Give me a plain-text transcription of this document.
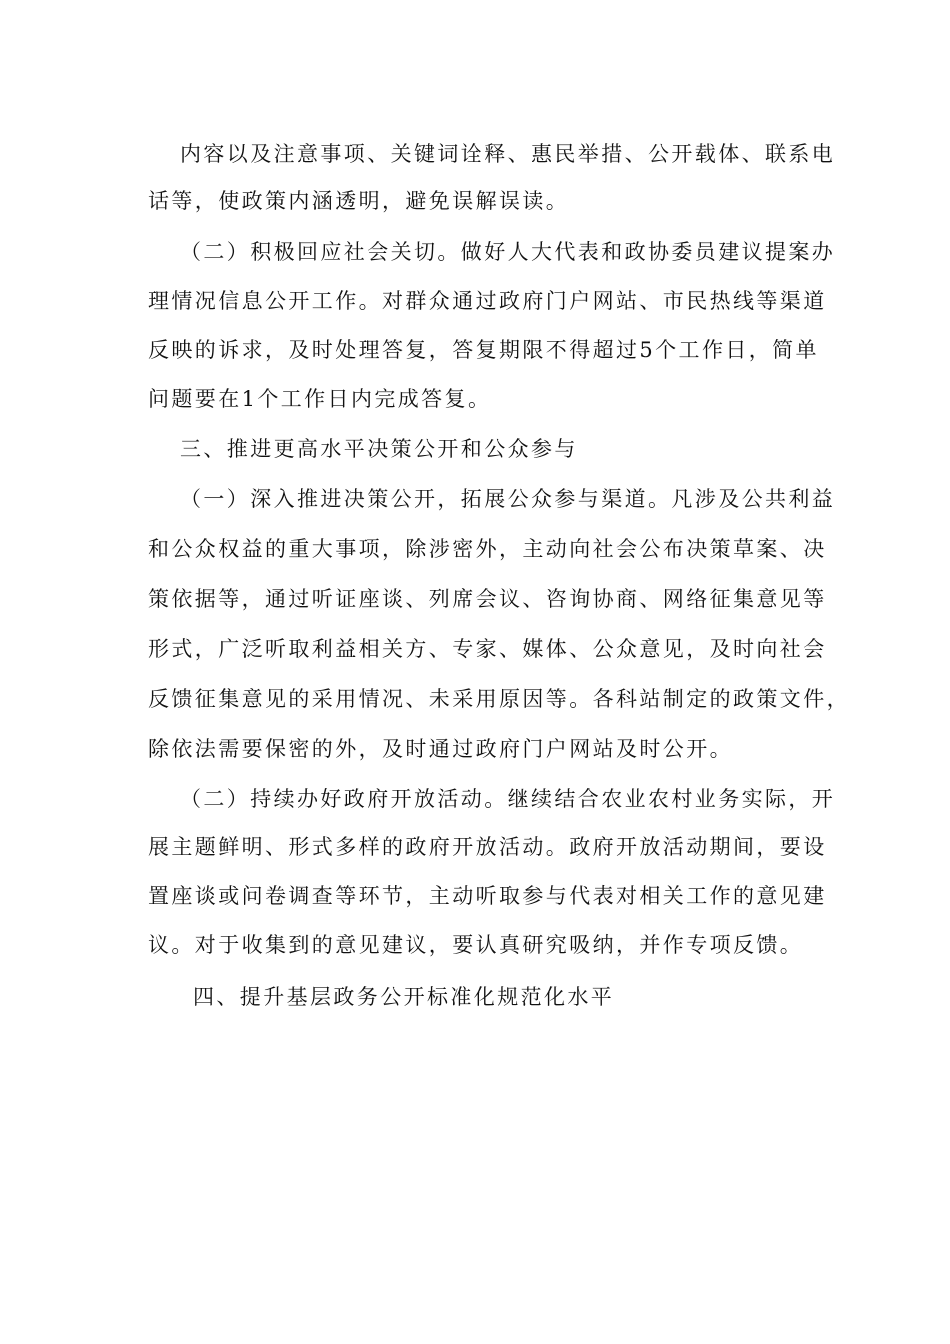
内容以及注意事项、关键词诠释、惠民举措、公开载体、联系电
话等，使政策内涵透明，避免误解误读。
（二）积极回应社会关切。做好人大代表和政协委员建议提案办
理情况信息公开工作。对群众通过政府门户网站、市民热线等渠道
反映的诉求，及时处理答复，答复期限不得超过5个工作日，简单
问题要在1个工作日内完成答复。
三、推进更高水平决策公开和公众参与
（一）深入推进决策公开，拓展公众参与渠道。凡涉及公共利益
和公众权益的重大事项，除涉密外，主动向社会公布决策草案、决
策依据等，通过听证座谈、列席会议、咨询协商、网络征集意见等
形式，广泛听取利益相关方、专家、媒体、公众意见，及时向社会
反馈征集意见的采用情况、未采用原因等。各科站制定的政策文件，
除依法需要保密的外，及时通过政府门户网站及时公开。
（二）持续办好政府开放活动。继续结合农业农村业务实际，开
展主题鲜明、形式多样的政府开放活动。政府开放活动期间，要设
置座谈或问卷调查等环节，主动听取参与代表对相关工作的意见建
议。对于收集到的意见建议，要认真研究吸纳，并作专项反馈。
四、提升基层政务公开标准化规范化水平
